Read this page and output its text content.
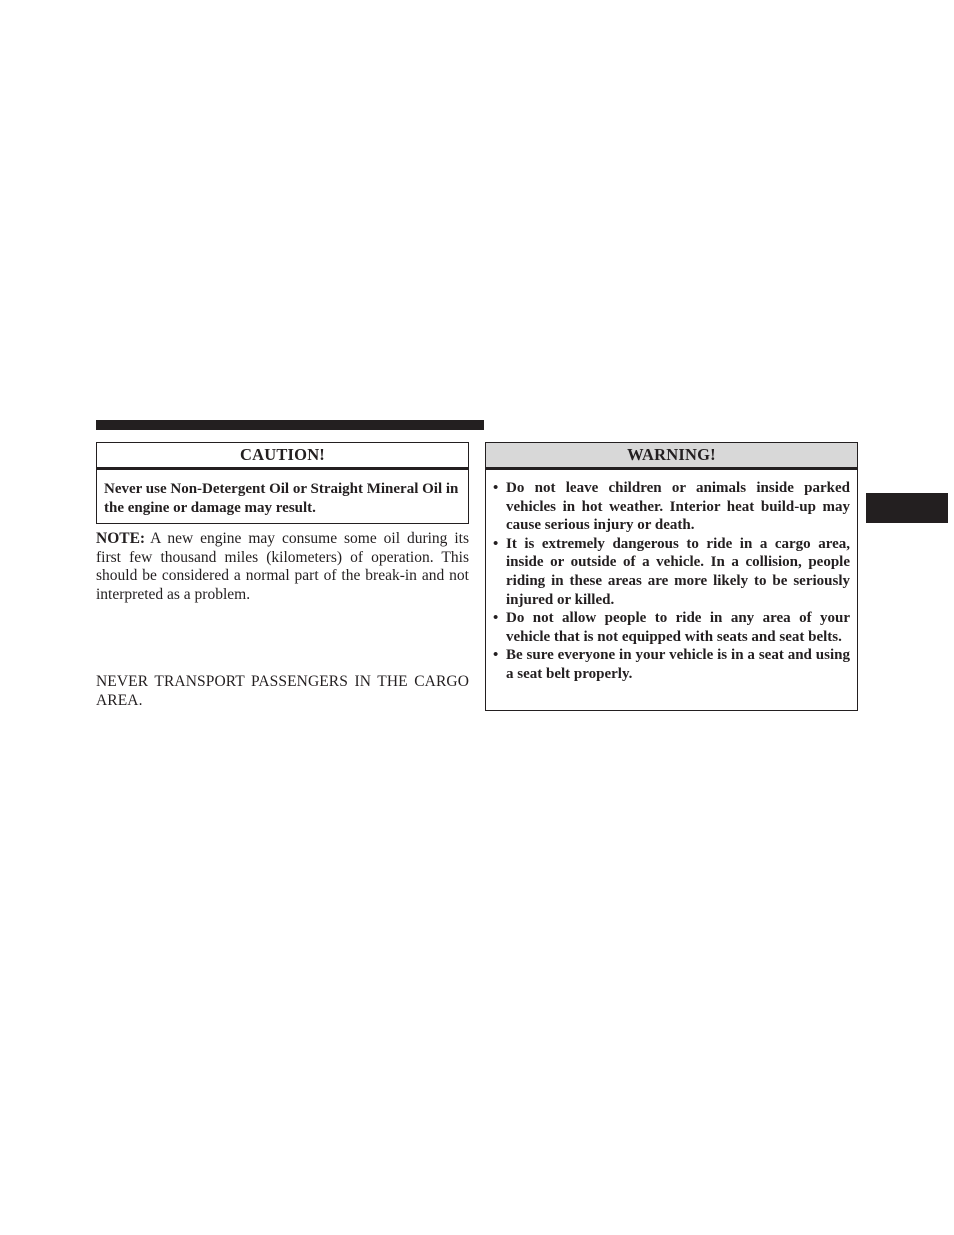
CAUTION!
Never use Non-Detergent Oil or Straight Mineral Oil in the engine or damage may result.
NOTE: A new engine may consume some oil during its first few thousand miles (kilometers) of operation. This should be considered a normal part of the break-in and not interpreted as a problem.
NEVER TRANSPORT PASSENGERS IN THE CARGO
AREA.
WARNING!
• Do not leave children or animals inside parked vehicles in hot weather. Interior heat build-up may cause serious injury or death.
• It is extremely dangerous to ride in a cargo area, inside or outside of a vehicle. In a collision, people riding in these areas are more likely to be seriously injured or killed.
• Do not allow people to ride in any area of your vehicle that is not equipped with seats and seat belts.
• Be sure everyone in your vehicle is in a seat and using a seat belt properly.
